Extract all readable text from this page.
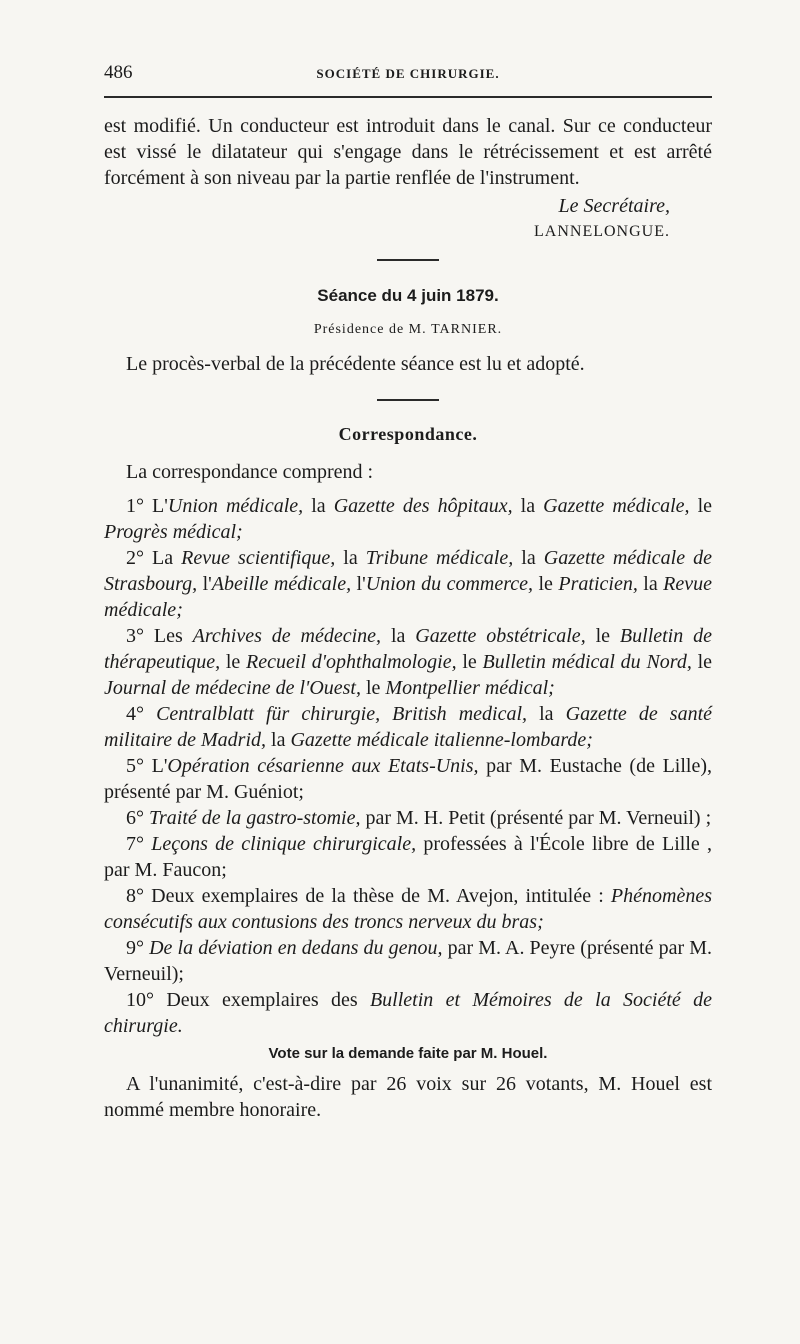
486	SOCIÉTÉ DE CHIRURGIE.

est modifié. Un conducteur est introduit dans le canal. Sur ce conducteur est vissé le dilatateur qui s'engage dans le rétrécissement et est arrêté forcément à son niveau par la partie renflée de l'instrument.

Le Secrétaire,
LANNELONGUE.
Séance du 4 juin 1879.
Présidence de M. TARNIER.

Le procès-verbal de la précédente séance est lu et adopté.

Correspondance.

La correspondance comprend :

1° L'Union médicale, la Gazette des hôpitaux, la Gazette médicale, le Progrès médical;

2° La Revue scientifique, la Tribune médicale, la Gazette médicale de Strasbourg, l'Abeille médicale, l'Union du commerce, le Praticien, la Revue médicale;

3° Les Archives de médecine, la Gazette obstétricale, le Bulletin de thérapeutique, le Recueil d'ophthalmologie, le Bulletin médical du Nord, le Journal de médecine de l'Ouest, le Montpellier médical;

4° Centralblatt für chirurgie, British medical, la Gazette de santé militaire de Madrid, la Gazette médicale italienne-lombarde;

5° L'Opération césarienne aux Etats-Unis, par M. Eustache (de Lille), présenté par M. Guéniot;

6° Traité de la gastro-stomie, par M. H. Petit (présenté par M. Verneuil) ;

7° Leçons de clinique chirurgicale, professées à l'École libre de Lille , par M. Faucon;

8° Deux exemplaires de la thèse de M. Avejon, intitulée : Phénomènes consécutifs aux contusions des troncs nerveux du bras;

9° De la déviation en dedans du genou, par M. A. Peyre (présenté par M. Verneuil);

10° Deux exemplaires des Bulletin et Mémoires de la Société de chirurgie.

Vote sur la demande faite par M. Houel.

A l'unanimité, c'est-à-dire par 26 voix sur 26 votants, M. Houel est nommé membre honoraire.
